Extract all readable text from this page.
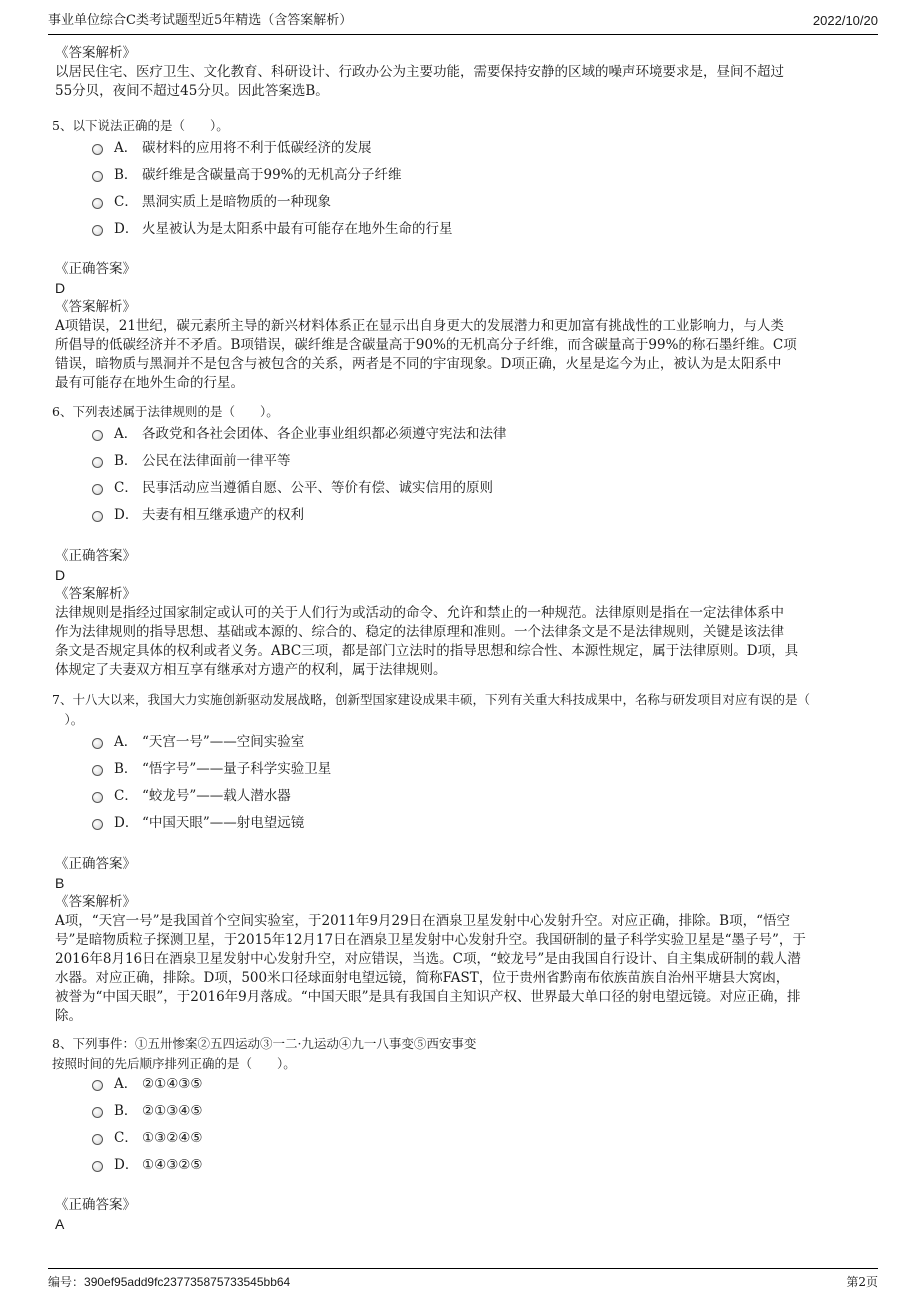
事业单位综合C类考试题型近5年精选（含答案解析）	2022/10/20
《答案解析》
以居民住宅、医疗卫生、文化教育、科研设计、行政办公为主要功能，需要保持安静的区域的噪声环境要求是，昼间不超过
55分贝，夜间不超过45分贝。因此答案选B。
5、以下说法正确的是（　　）。
A． 碳材料的应用将不利于低碳经济的发展
B． 碳纤维是含碳量高于99%的无机高分子纤维
C． 黑洞实质上是暗物质的一种现象
D． 火星被认为是太阳系中最有可能存在地外生命的行星
《正确答案》
D
《答案解析》
A项错误，21世纪，碳元素所主导的新兴材料体系正在显示出自身更大的发展潜力和更加富有挑战性的工业影响力，与人类
所倡导的低碳经济并不矛盾。B项错误，碳纤维是含碳量高于90%的无机高分子纤维，而含碳量高于99%的称石墨纤维。C项
错误，暗物质与黑洞并不是包含与被包含的关系，两者是不同的宇宙现象。D项正确，火星是迄今为止，被认为是太阳系中
最有可能存在地外生命的行星。
6、下列表述属于法律规则的是（　　）。
A． 各政党和各社会团体、各企业事业组织都必须遵守宪法和法律
B． 公民在法律面前一律平等
C． 民事活动应当遵循自愿、公平、等价有偿、诚实信用的原则
D． 夫妻有相互继承遗产的权利
《正确答案》
D
《答案解析》
法律规则是指经过国家制定或认可的关于人们行为或活动的命令、允许和禁止的一种规范。法律原则是指在一定法律体系中
作为法律规则的指导思想、基础或本源的、综合的、稳定的法律原理和准则。一个法律条文是不是法律规则，关键是该法律
条文是否规定具体的权利或者义务。ABC三项，都是部门立法时的指导思想和综合性、本源性规定，属于法律原则。D项，具
体规定了夫妻双方相互享有继承对方遗产的权利，属于法律规则。
7、十八大以来，我国大力实施创新驱动发展战略，创新型国家建设成果丰硕，下列有关重大科技成果中，名称与研发项目对应有误的是（
　）。
A． “天宫一号”——空间实验室
B． “悟字号”——量子科学实验卫星
C． “蛟龙号”——载人潜水器
D． “中国天眼”——射电望远镜
《正确答案》
B
《答案解析》
A项，“天宫一号”是我国首个空间实验室，于2011年9月29日在酒泉卫星发射中心发射升空。对应正确，排除。B项，“悟空
号”是暗物质粒子探测卫星，于2015年12月17日在酒泉卫星发射中心发射升空。我国研制的量子科学实验卫星是“墨子号”，于
2016年8月16日在酒泉卫星发射中心发射升空，对应错误，当选。C项，“蛟龙号”是由我国自行设计、自主集成研制的载人潜
水器。对应正确，排除。D项，500米口径球面射电望远镜，简称FAST，位于贵州省黔南布依族苗族自治州平塘县大窝凼，
被誉为“中国天眼”，于2016年9月落成。“中国天眼”是具有我国自主知识产权、世界最大单口径的射电望远镜。对应正确，排
除。
8、下列事件：①五卅惨案②五四运动③一二·九运动④九一八事变⑤西安事变
按照时间的先后顺序排列正确的是（　　）。
A． ②①④③⑤
B． ②①③④⑤
C． ①③②④⑤
D． ①④③②⑤
《正确答案》
A
编号：390ef95add9fc237735875733545bb64	第2页
